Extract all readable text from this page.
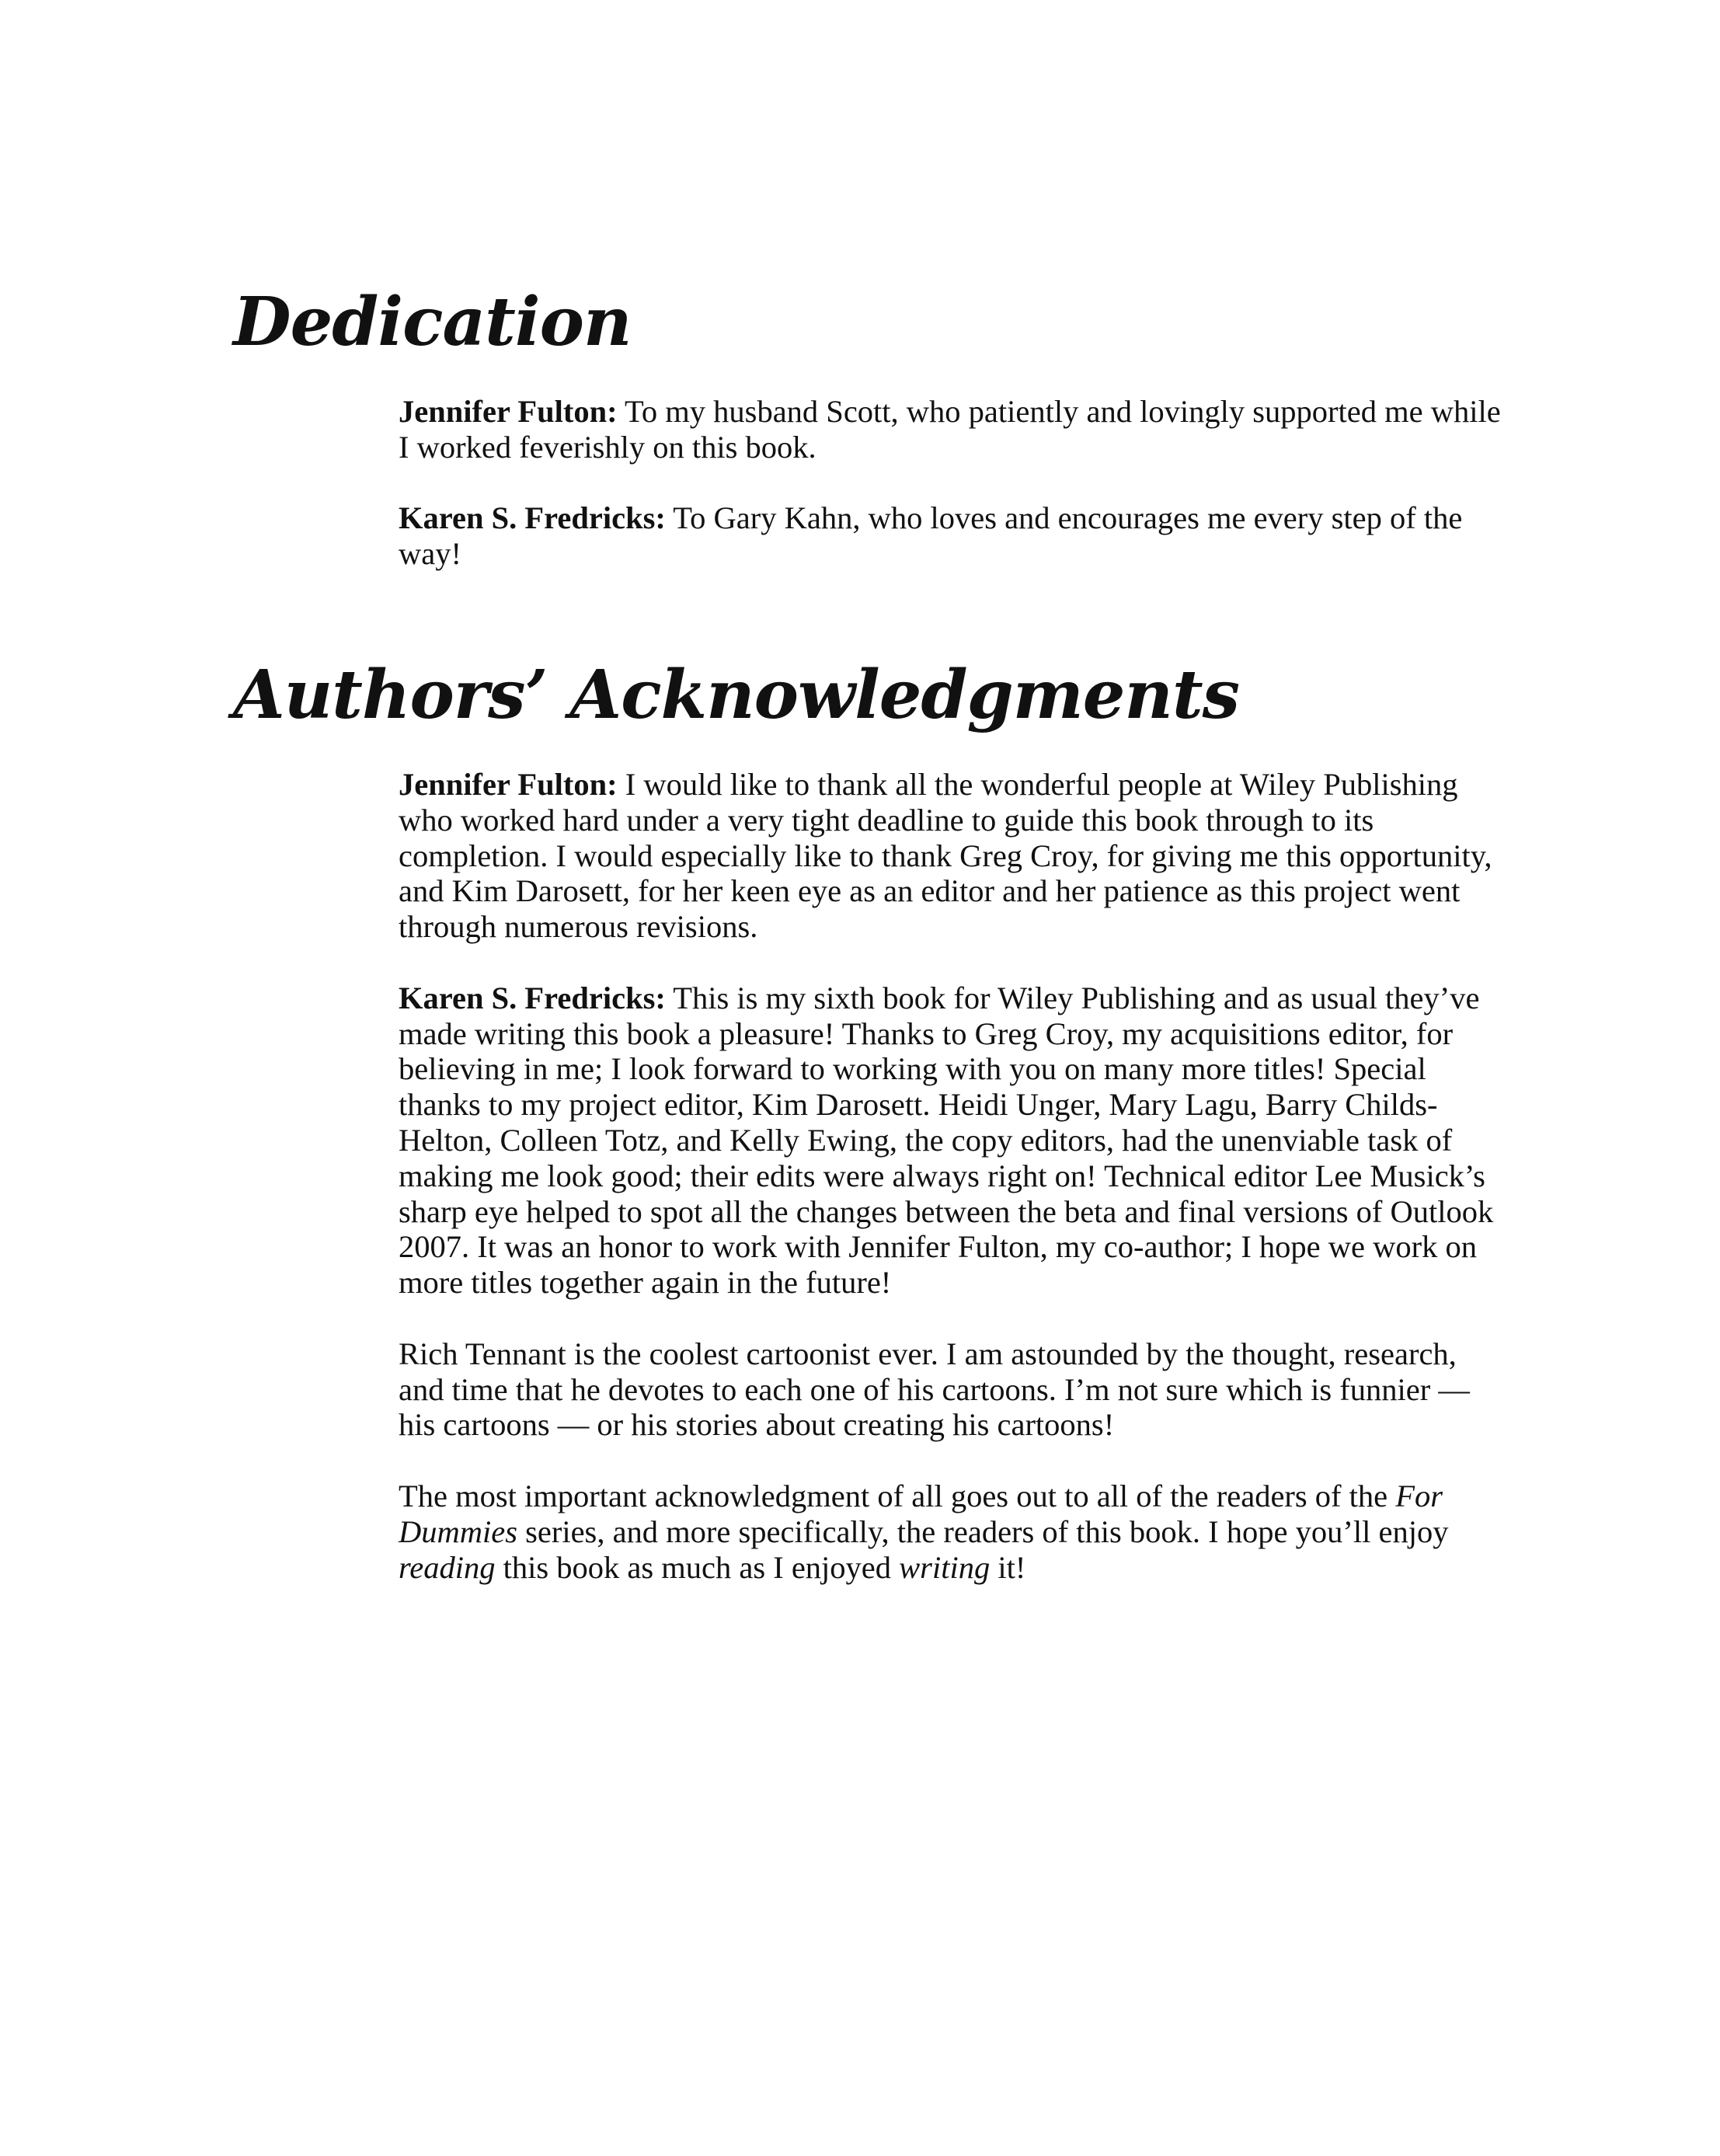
Dedication

Jennifer Fulton: To my husband Scott, who patiently and lovingly supported me while I worked feverishly on this book.

Karen S. Fredricks: To Gary Kahn, who loves and encourages me every step of the way!

Authors’ Acknowledgments

Jennifer Fulton: I would like to thank all the wonderful people at Wiley Publishing who worked hard under a very tight deadline to guide this book through to its completion. I would especially like to thank Greg Croy, for giving me this opportunity, and Kim Darosett, for her keen eye as an editor and her patience as this project went through numerous revisions.

Karen S. Fredricks: This is my sixth book for Wiley Publishing and as usual they’ve made writing this book a pleasure! Thanks to Greg Croy, my acquisitions editor, for believing in me; I look forward to working with you on many more titles! Special thanks to my project editor, Kim Darosett. Heidi Unger, Mary Lagu, Barry Childs-Helton, Colleen Totz, and Kelly Ewing, the copy editors, had the unenviable task of making me look good; their edits were always right on! Technical editor Lee Musick’s sharp eye helped to spot all the changes between the beta and final versions of Outlook 2007. It was an honor to work with Jennifer Fulton, my co-author; I hope we work on more titles together again in the future!

Rich Tennant is the coolest cartoonist ever. I am astounded by the thought, research, and time that he devotes to each one of his cartoons. I’m not sure which is funnier — his cartoons — or his stories about creating his cartoons!

The most important acknowledgment of all goes out to all of the readers of the For Dummies series, and more specifically, the readers of this book. I hope you’ll enjoy reading this book as much as I enjoyed writing it!
